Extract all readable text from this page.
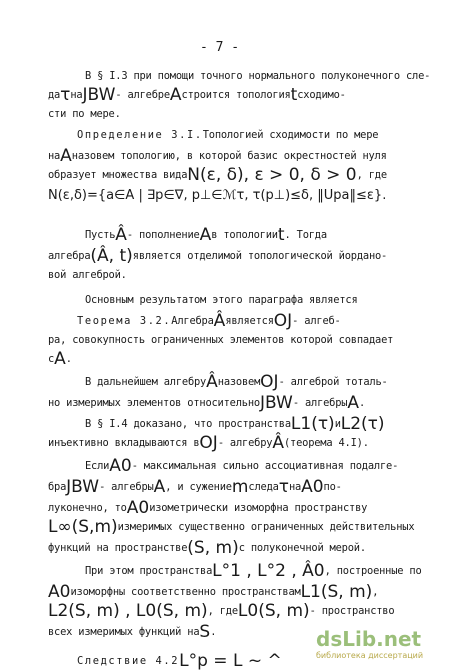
- 7 -
В § I.3 при помощи точного нормального полуконечного сле-
даτнаJBW- алгебреAстроится топологияtсходимо-
сти по мере.
Определение 3.I.Топологией сходимости по мере
наAназовем топологию, в которой базис окрестностей нуля
образует множества видаN(ε, δ), ε > 0, δ > 0, где
N(ε,δ)={a∈A | ∃p∈∇, p⊥∈ℳτ, τ(p⊥)≤δ, ‖Upa‖≤ε}.
ПустьÂ- пополнениеAв топологииt. Тогда
алгебра(Â, t)является отделимой топологической йордано-
вой алгеброй.
Основным результатом этого параграфа является
Теорема 3.2.АлгебраÂявляетсяOJ- алгеб-
ра, совокупность ограниченных элементов которой совпадает
сA.
В дальнейшем алгебруÂназовемOJ- алгеброй тоталь-
но измеримых элементов относительноJBW- алгебрыA.
В § I.4 доказано, что пространстваL1(τ)иL2(τ)
инъективно вкладываются вOJ- алгебруÂ(теорема 4.I).
ЕслиA0- максимальная сильно ассоциативная подалге-
браJBW- алгебрыA, и сужениеmследаτнаA0по-
луконечно, тоA0изометрически изоморфна пространству
L∞(S,m)измеримых существенно ограниченных действительных
функций на пространстве(S, m)с полуконечной мерой.
При этом пространстваL°1 , L°2 , Â0, построенные по
A0изоморфны соответственно пространствамL1(S, m),
L2(S, m) , L0(S, m), гдеL0(S, m)- пространство
всех измеримых функций наS.
Следствие 4.2L°p = L ~ ^
dsLib.net
библиотека диссертаций
